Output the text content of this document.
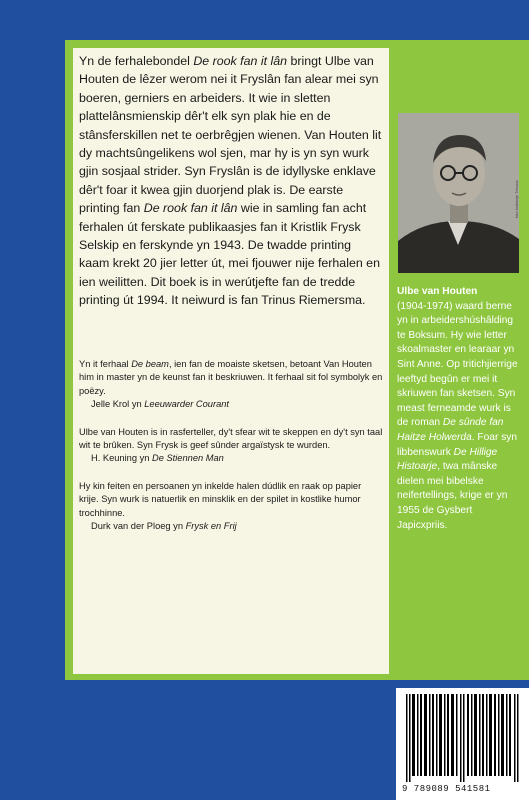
Yn de ferhalebondel De rook fan it lân bringt Ulbe van Houten de lêzer werom nei it Fryslân fan alear mei syn boeren, gerniers en arbeiders. It wie in sletten plattelânsmienskip dêr't elk syn plak hie en de stânsferskillen net te oerbrêgjen wienen. Van Houten lit dy machtsûngelikens wol sjen, mar hy is yn syn wurk gjin sosjaal strider. Syn Fryslân is de idyllyske enklave dêr't foar it kwea gjin duorjend plak is. De earste printing fan De rook fan it lân wie in samling fan acht ferhalen út ferskate publikaasjes fan it Kristlik Frysk Selskip en ferskynde yn 1943. De twadde printing kaam krekt 20 jier letter út, mei fjouwer nije ferhalen en ien weilitten. Dit boek is in werútjefte fan de tredde printing út 1994. It neiwurd is fan Trinus Riemersma.

Yn it ferhaal De beam, ien fan de moaiste sketsen, betoant Van Houten him in master yn de keunst fan it beskriuwen. It ferhaal sit fol symbolyk en poëzy.
Jelle Krol yn Leeuwarder Courant
Ulbe van Houten is in rasferteller, dy't sfear wit te skeppen en dy't syn taal wit te brûken. Syn Frysk is geef sûnder argaïstysk te wurden.
H. Keuning yn De Stiennen Man
Hy kin feiten en persoanen yn inkelde halen dúdlik en raak op papier krije. Syn wurk is natuerlik en minsklik en der spilet in kostlike humor trochhinne.
Durk van der Ploeg yn Frysk en Frij
foto kolleksje Tresoar

Ulbe van Houten
(1904-1974) waard berne yn in arbeidershúshâlding te Boksum. Hy wie letter skoalmaster en learaar yn Sint Anne. Op tritichjierrige leeftyd begûn er mei it skriuwen fan sketsen. Syn meast ferneamde wurk is de roman De sûnde fan Haitze Holwerda. Foar syn libbenswurk De Hillige Histoarje, twa mânske dielen mei bibelske neifertellings, krige er yn 1955 de Gysbert Japicxpriis.

9 789089 541581
